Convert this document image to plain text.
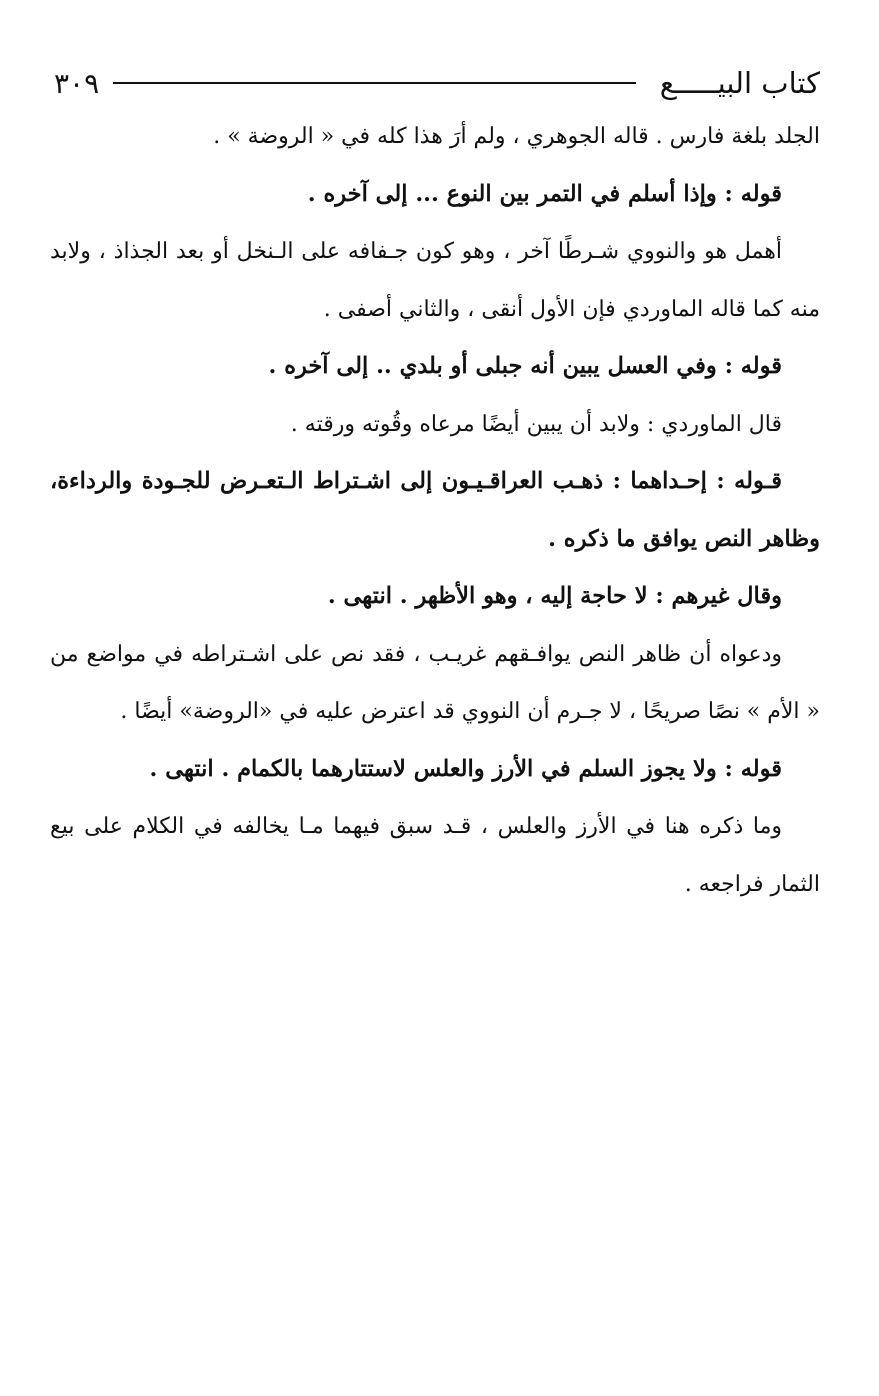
كتاب البيـــــع
٣٠٩

الجلد بلغة فارس . قاله الجوهري ، ولم أرَ هذا كله في « الروضة » .

قوله : وإذا أسلم في التمر بين النوع ... إلى آخره .

أهمل هو والنووي شـرطًا آخر ، وهو كون جـفافه على الـنخل أو بعد الجذاذ ، ولابد منه كما قاله الماوردي فإن الأول أنقى ، والثاني أصفى .

قوله : وفي العسل يبين أنه جبلى أو بلدي .. إلى آخره .

قال الماوردي : ولابد أن يبين أيضًا مرعاه وقُوته ورقته .

قـوله : إحـداهما : ذهـب العراقـيـون إلى اشـتراط الـتعـرض للجـودة والرداءة، وظاهر النص يوافق ما ذكره .

وقال غيرهم : لا حاجة إليه ، وهو الأظهر . انتهى .

ودعواه أن ظاهر النص يوافـقهم غريـب ، فقد نص على اشـتراطه في مواضع من « الأم » نصًا صريحًا ، لا جـرم أن النووي قد اعترض عليه في «الروضة» أيضًا .

قوله : ولا يجوز السلم في الأرز والعلس لاستتارهما بالكمام . انتهى .

وما ذكره هنا في الأرز والعلس ، قـد سبق فيهما مـا يخالفه في الكلام على بيع الثمار فراجعه .
